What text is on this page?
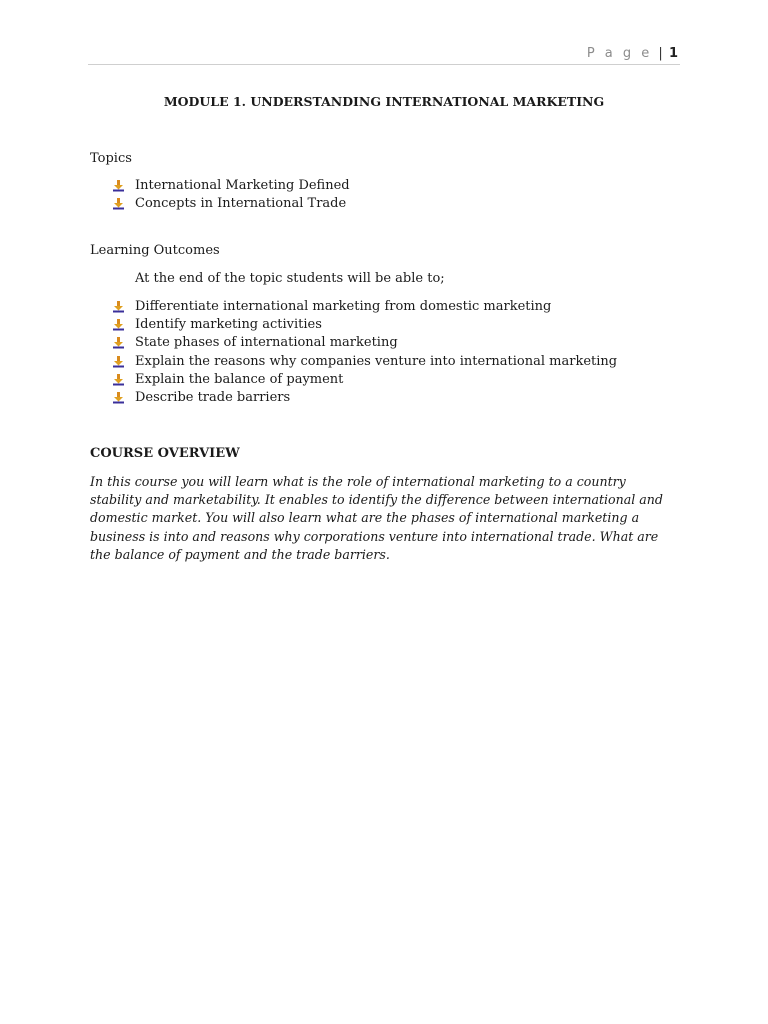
P a g e | 1
MODULE 1. UNDERSTANDING INTERNATIONAL MARKETING
Topics
International Marketing Defined
Concepts in International Trade
Learning Outcomes
At the end of the topic students will be able to;
Differentiate international marketing from domestic marketing
Identify marketing activities
State phases of international marketing
Explain the reasons why companies venture into international marketing
Explain the balance of payment
Describe trade barriers
COURSE OVERVIEW
In this course you will learn what is the role of international marketing to a country stability and marketability. It enables to identify the difference between international and domestic market. You will also learn what are the phases of international marketing a business is into and reasons why corporations venture into international trade. What are the balance of payment and the trade barriers.
